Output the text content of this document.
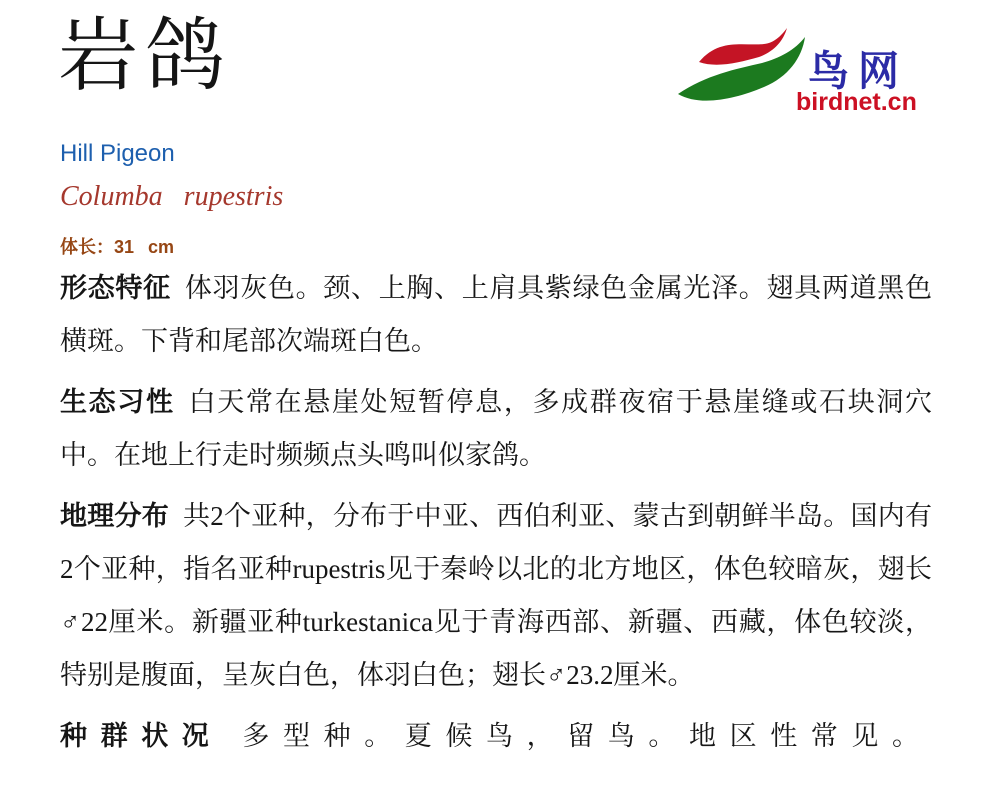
岩鸽	鸟网
birdnet.cn
Hill Pigeon
Columba rupestris
体长：31 cm

形态特征 体羽灰色。颈、上胸、上肩具紫绿色金属光泽。翅具两道黑色横斑。下背和尾部次端斑白色。

生态习性 白天常在悬崖处短暂停息，多成群夜宿于悬崖缝或石块洞穴中。在地上行走时频频点头鸣叫似家鸽。

地理分布 共2个亚种，分布于中亚、西伯利亚、蒙古到朝鲜半岛。国内有2个亚种，指名亚种rupestris见于秦岭以北的北方地区，体色较暗灰，翅长♂22厘米。新疆亚种turkestanica见于青海西部、新疆、西藏，体色较淡，特别是腹面，呈灰白色，体羽白色；翅长♂23.2厘米。

种群状况 多型种。夏候鸟，留鸟。地区性常见。
